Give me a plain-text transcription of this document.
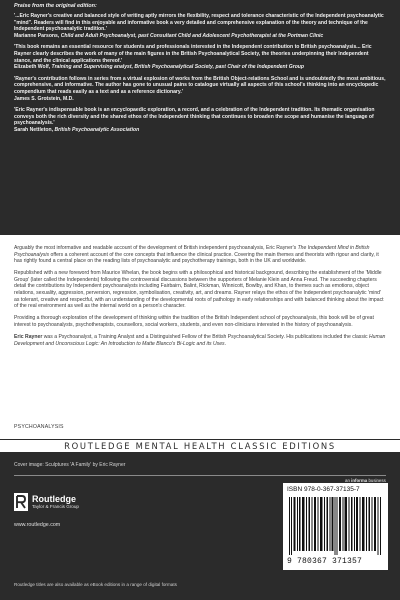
Praise from the original edition:

'...Eric Rayner's creative and balanced style of writing aptly mirrors the flexibility, respect and tolerance characteristic of the Independent psychoanalytic "mind". Readers will find in this enjoyable and informative book a very detailed and comprehensive explanation of the theory and technique of the Independent psychoanalytic tradition.'

Marianne Parsons, Child and Adult Psychoanalyst, past Consultant Child and Adolescent Psychotherapist at the Portman Clinic

'This book remains an essential resource for students and professionals interested in the Independent contribution to British psychoanalysis... Eric Rayner clearly describes the work of many of the main figures in the British Psychoanalytical Society, the theories underpinning their Independent stance, and the clinical applications thereof.'

Elizabeth Wolf, Training and Supervising analyst, British Psychoanalytical Society, past Chair of the Independent Group

'Rayner's contribution follows in series from a virtual explosion of works from the British Object-relations School and is undoubtedly the most ambitious, comprehensive, and informative. The author has gone to unusual pains to catalogue virtually all aspects of this school's thinking into an encyclopedic compendium that reads easily as a text and as a reference dictionary.'

James S. Grotstein, M.D.

'Eric Rayner's indispensable book is an encyclopaedic exploration, a record, and a celebration of the Independent tradition. Its thematic organisation conveys both the rich diversity and the shared ethos of the Independent thinking that continues to broaden the scope and humanise the language of psychoanalysis.'

Sarah Nettleton, British Psychoanalytic Association

Arguably the most informative and readable account of the development of British independent psychoanalysis, Eric Rayner's The Independent Mind in British Psychoanalysis offers a coherent account of the core concepts that influence the clinical practice. Covering the main themes and theorists with rigour and clarity, it has rightly found a central place on the reading lists of psychoanalytic and psychotherapy trainings, both in the UK and worldwide.

Republished with a new foreword from Maurice Whelan, the book begins with a philosophical and historical background, describing the establishment of the 'Middle Group' (later called the Independents) following the controversial discussions between the supporters of Melanie Klein and Anna Freud. The succeeding chapters detail the contributions by Independent psychoanalysts including Fairbairn, Balint, Rickman, Winnicott, Bowlby, and Khan, to themes such as emotions, object relations, sexuality, aggression, perversion, regression, symbolisation, creativity, art, and dreams. Rayner relays the ethos of the Independent psychoanalytic 'mind' as tolerant, creative and respectful, with an understanding of the developmental roots of pathology in early relationships and with balanced thinking about the impact of the real environment as well as the internal world on a person's character.

Providing a thorough exploration of the development of thinking within the tradition of the British Independent school of psychoanalysis, this book will be of great interest to psychoanalysts, psychotherapists, counsellors, social workers, students, and even non-clinicians interested in the history of psychoanalysis.

Eric Rayner was a Psychoanalyst, a Training Analyst and a Distinguished Fellow of the British Psychoanalytical Society. His publications included the classic Human Development and Unconscious Logic: An Introduction to Matte Blanco's Bi-Logic and its Uses.

PSYCHOANALYSIS
ROUTLEDGE MENTAL HEALTH CLASSIC EDITIONS
Cover image: Sculptures 'A Family' by Eric Rayner
an informa business
Routledge
Taylor & Francis Group
www.routledge.com
Routledge titles are also available as eBook editions in a range of digital formats
ISBN 978-0-367-37135-7
9 780367 371357
